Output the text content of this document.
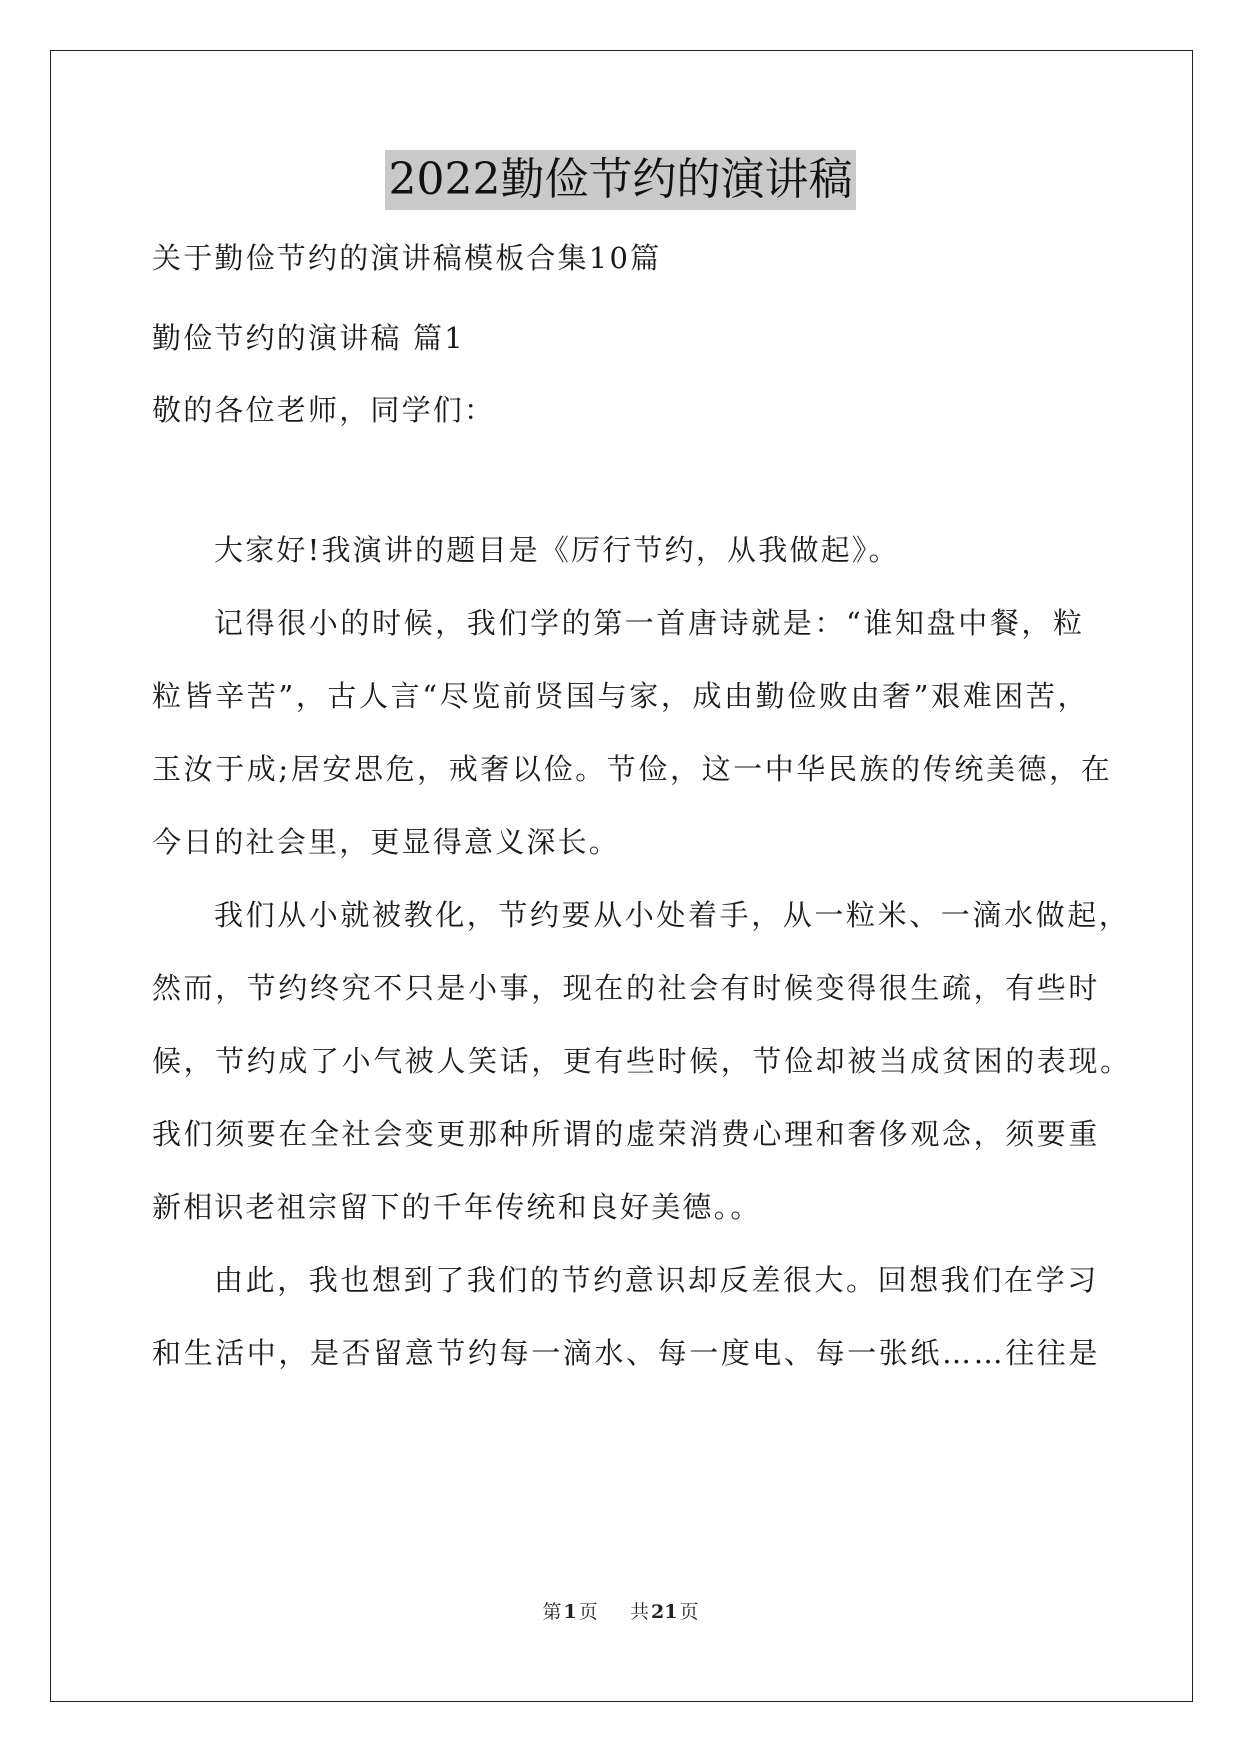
2022勤俭节约的演讲稿
关于勤俭节约的演讲稿模板合集10篇
勤俭节约的演讲稿 篇1
敬的各位老师，同学们：
大家好!我演讲的题目是《厉行节约，从我做起》。
记得很小的时候，我们学的第一首唐诗就是：“谁知盘中餐，粒
粒皆辛苦”，古人言“尽览前贤国与家，成由勤俭败由奢”艰难困苦，
玉汝于成;居安思危，戒奢以俭。节俭，这一中华民族的传统美德，在
今日的社会里，更显得意义深长。
我们从小就被教化，节约要从小处着手，从一粒米、一滴水做起，
然而，节约终究不只是小事，现在的社会有时候变得很生疏，有些时
候，节约成了小气被人笑话，更有些时候，节俭却被当成贫困的表现。
我们须要在全社会变更那种所谓的虚荣消费心理和奢侈观念，须要重
新相识老祖宗留下的千年传统和良好美德。。
由此，我也想到了我们的节约意识却反差很大。回想我们在学习
和生活中，是否留意节约每一滴水、每一度电、每一张纸……往往是
第 1 页 共 21 页
